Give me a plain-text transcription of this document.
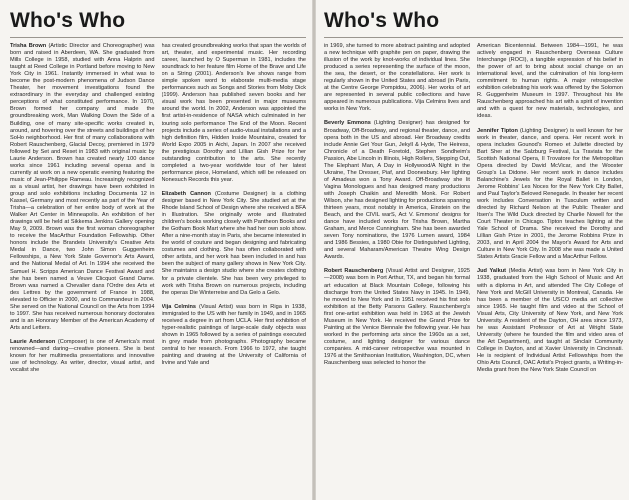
Who's Who

Trisha Brown (Artistic Director and Choreographer) was born and raised in Aberdeen, WA. She graduated from Mills College in 1958, studied with Anna Halprin and taught at Reed College in Portland before moving to New York City in 1961. Instantly immersed in what was to become the post-modern phenomena of Judson Dance Theater, her movement investigations found the extraordinary in the everyday and challenged existing perceptions of what constituted performance. In 1970, Brown formed her company and made the groundbreaking work, Man Walking Down the Side of a Building, one of many site-specific works created in, around, and hovering over the streets and buildings of her SoHo neighborhood. Her first of many collaborations with Robert Rauschenberg, Glacial Decoy, premiered in 1979 followed by Set and Reset in 1983 with original music by Laurie Anderson. Brown has created nearly 100 dance works since 1961 including several operas and is currently at work on a new operatic evening featuring the music of Jean-Philippe Rameau. Increasingly recognized as a visual artist, her drawings have been exhibited in group and solo exhibitions including Documenta 12 in Kassel, Germany and most recently as part of the Year of Trisha—a celebration of her entire body of work at the Walker Art Center in Minneapolis. An exhibition of her drawings will be held at Sikkema Jenkins Gallery opening May 9, 2009. Brown was the first woman choreographer to receive the MacArthur Foundation Fellowship. Other honors include the Brandeis University's Creative Arts Medal in Dance, two John Simon Guggenheim Fellowships, a New York State Governor's Arts Award, and the National Medal of Art. In 1994 she received the Samuel H. Scripps American Dance Festival Award and she has been named a Veuve Clicquot Grand Dame. Brown was named a Chevalier dans l'Ordre des Arts et des Lettres by the government of France in 1988, elevated to Officier in 2000, and to Commandeur in 2004. She served on the National Council on the Arts from 1994 to 1997. She has received numerous honorary doctorates and is an Honorary Member of the American Academy of Arts and Letters.

Laurie Anderson (Composer) is one of America's most renowned—and daring—creative pioneers. She is best known for her multimedia presentations and innovative use of technology. As writer, director, visual artist, and vocalist she

has created groundbreaking works that span the worlds of art, theater, and experimental music. Her recording career, launched by O Superman in 1981, includes the soundtrack to her feature film Home of the Brave and Life on a String (2001). Anderson's live shows range from simple spoken word to elaborate multi-media stage performances such as Songs and Stories from Moby Dick (1999). Anderson has published seven books and her visual work has been presented in major museums around the world. In 2002, Anderson was appointed the first artist-in-residence of NASA which culminated in her touring solo performance The End of the Moon. Recent projects include a series of audio-visual installations and a high definition film, Hidden Inside Mountains, created for World Expo 2005 in Aichi, Japan. In 2007 she received the prestigious Dorothy and Lillian Gish Prize for her outstanding contribution to the arts. She recently completed a two-year worldwide tour of her latest performance piece, Homeland, which will be released on Nonesuch Records this year.

Elizabeth Cannon (Costume Designer) is a clothing designer based in New York City. She studied art at the Rhode Island School of Design where she received a BFA in Illustration. She originally wrote and illustrated children's books working closely with Pantheon Books and the Gotham Book Mart where she had her own solo show. After a nine-month stay in Paris, she became interested in the world of couture and began designing and fabricating costumes and clothing. She has often collaborated with other artists, and her work has been included in and has been the subject of many gallery shows in New York City. She maintains a design studio where she creates clothing for a private clientele. She has been very privileged to work with Trisha Brown on numerous projects, including the operas Die Winterreise and Da Gelo a Gelo.

Vija Celmins (Visual Artist) was born in Riga in 1938, immigrated to the US with her family in 1949, and in 1965 received a degree in art from UCLA. Her first exhibition of hyper-realistic paintings of large-scale daily objects was shown in 1965 followed by a series of paintings executed in grey made from photographs. Photography became central to her research. From 1966 to 1972, she taught painting and drawing at the University of California of Irvine and Yale and

Who's Who

in 1969, she turned to more abstract painting and adopted a new technique with graphite pen on paper, drawing the illusion of the work by knot-works of individual lines. She produced a series representing the surface of the moon, the sea, the desert, or the constellations. Her work is regularly shown in the United States and abroad (in Paris, at the Centre George Pompidou, 2006). Her works of art are represented in several public collections and have appeared in numerous publications. Vija Celmins lives and works in New York.

Beverly Emmons (Lighting Designer) has designed for Broadway, Off-Broadway, and regional theater, dance, and opera both in the US and abroad. Her Broadway credits include Annie Get Your Gun, Jekyll & Hyde, The Heiress, Chronicle of a Death Foretold, Stephen Sondheim's Passion, Abe Lincoln in Illinois, High Rollers, Stepping Out, The Elephant Man, A Day in Hollywood/A Night in the Ukraine, The Dresser, Piaf, and Doonesbury. Her lighting of Amadeus won a Tony Award. Off-Broadway she lit Vagina Monologues and has designed many productions with Joseph Chaikin and Meredith Monk. For Robert Wilson, she has designed lighting for productions spanning thirteen years, most notably in America, Einstein on the Beach, and the CIVIL warS, Act V. Emmons' designs for dance have included works for Trisha Brown, Martha Graham, and Merce Cunningham. She has been awarded seven Tony nominations, the 1976 Lumen award, 1984 and 1986 Bessies, a 1980 Obie for Distinguished Lighting, and several Maharam/American Theatre Wing Design Awards.

Robert Rauschenberg (Visual Artist and Designer, 1925—2008) was born in Port Arthur, TX, and began his formal art education at Black Mountain College, following his discharge from the United States Navy in 1945. In 1949, he moved to New York and in 1951 received his first solo exhibition at the Betty Parsons Gallery. Rauschenberg's first one-artist exhibition was held in 1963 at the Jewish Museum in New York. He received the Grand Prize for Painting at the Venice Biennale the following year. He has worked in the performing arts since the 1960s as a set, costume, and lighting designer for various dance companies. A mid-career retrospective was mounted in 1976 at the Smithsonian Institution, Washington, DC, when Rauschenberg was selected to honor the

American Bicentennial. Between 1984—1991, he was actively engaged in Rauschenberg Overseas Culture Interchange (ROCI), a tangible expression of his belief in the power of art to bring about social change on an international level, and the culmination of his long-term commitment to human rights. A major retrospective exhibition celebrating his work was offered by the Solomon R. Guggenheim Museum in 1997. Throughout his life Rauschenberg approached his art with a spirit of invention and with a quest for new materials, technologies, and ideas.

Jennifer Tipton (Lighting Designer) is well known for her work in theater, dance, and opera. Her recent work in opera includes Gounod's Romeo et Juliette directed by Bart Sher at the Salzburg Festival, La Traviata for the Scottish National Opera, Il Trovatore for the Metropolitan Opera directed by David McVicar, and the Wooster Group's La Didone. Her recent work in dance includes Balanchine's Jewels for the Royal Ballet in London, Jerome Robbins' Les Noces for the New York City Ballet, and Paul Taylor's Beloved Renegade. In theater her recent work includes Conversation in Tusculum written and directed by Richard Nelson at the Public Theater and Itsen's The Wild Duck directed by Charlie Nowell for the Court Theater in Chicago. Tipton teaches lighting at the Yale School of Drama. She received the Dorothy and Lillian Gish Prize in 2001, the Jerome Robbins Prize in 2003, and in April 2004 the Mayor's Award for Arts and Culture in New York City. In 2008 she was made a United States Artists Gracie Fellow and a MacArthur Fellow.

Jud Yalkut (Media Artist) was born in New York City in 1938, graduated from the High School of Music and Art with a diploma in Art, and attended The City College of New York and McGill University in Montreal, Canada. He has been a member of the USCO media art collective since 1965. He taught film and video at the School of Visual Arts, City University of New York, and New York University. A resident of the Dayton, OH area since 1973, he was Assistant Professor of Art at Wright State University (where he founded the film and video area of the Art Department), and taught at Sinclair Community College in Dayton, and at Xavier University in Cincinnati. He is recipient of Individual Artist Fellowships from the Ohio Arts Council, OAC Artist's Project grants, a Writing-in-Media grant from the New York State Council on
